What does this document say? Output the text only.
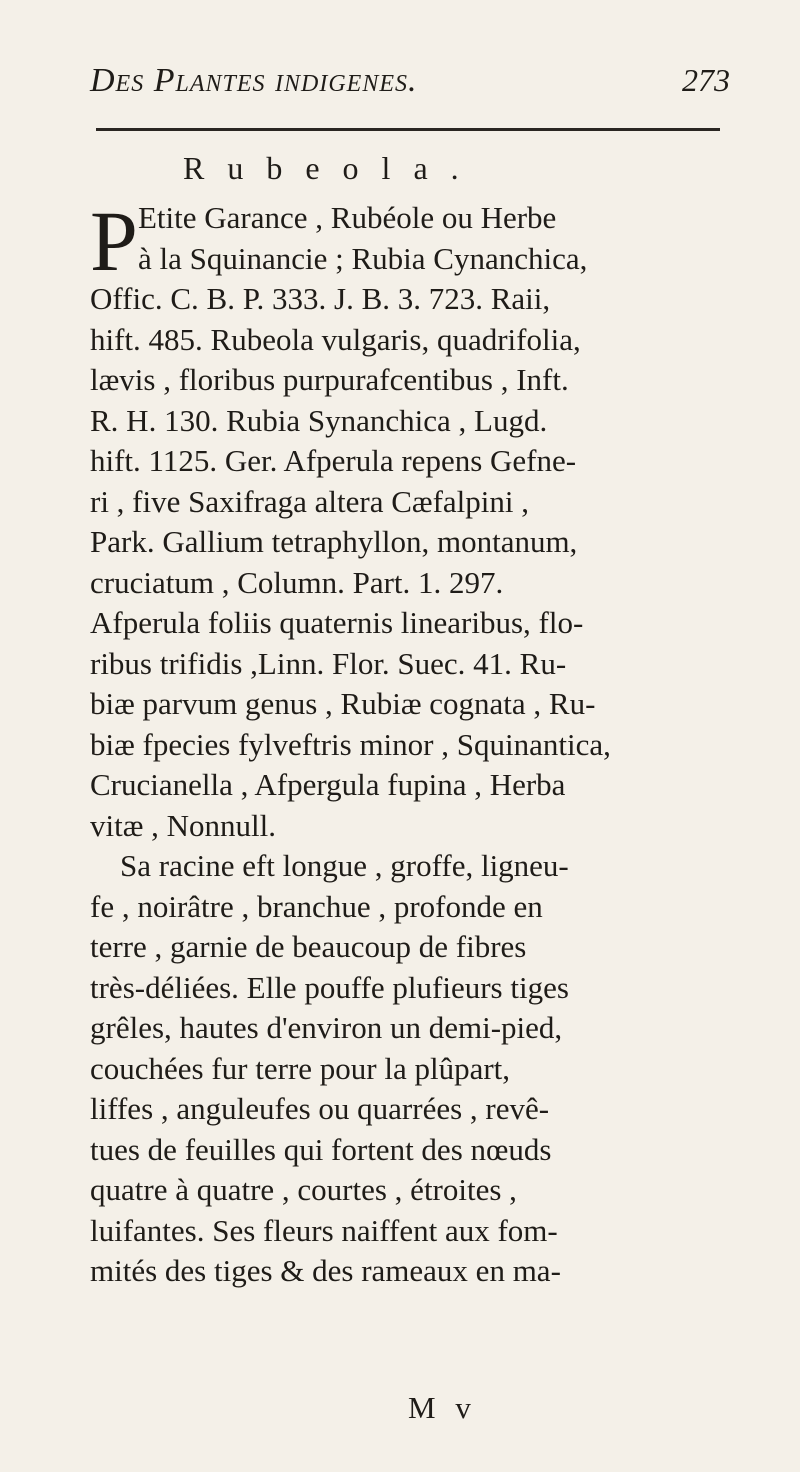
Des Plantes indigenes.	273
Rubeola.
P Etite Garance , Rubéole ou Herbe
à la Squinancie ; Rubia Cynanchica,
Offic. C. B. P. 333. J. B. 3. 723. Raii,
hift. 485. Rubeola vulgaris, quadrifolia,
lævis , floribus purpurafcentibus , Inft.
R. H. 130. Rubia Synanchica , Lugd.
hift. 1125. Ger. Afperula repens Gefne-
ri , five Saxifraga altera Cæfalpini ,
Park. Gallium tetraphyllon, montanum,
cruciatum , Column. Part. 1. 297.
Afperula foliis quaternis linearibus, flo-
ribus trifidis ,Linn. Flor. Suec. 41. Ru-
biæ parvum genus , Rubiæ cognata , Ru-
biæ fpecies fylveftris minor , Squinantica,
Crucianella , Afpergula fupina , Herba
vitæ , Nonnull.
Sa racine eft longue , groffe, ligneu-
fe , noirâtre , branchue , profonde en
terre , garnie de beaucoup de fibres
très-déliées. Elle pouffe plufieurs tiges
grêles, hautes d'environ un demi-pied,
couchées fur terre pour la plûpart,
liffes , anguleufes ou quarrées , revê-
tues de feuilles qui fortent des nœuds
quatre à quatre , courtes , étroites ,
luifantes. Ses fleurs naiffent aux fom-
mités des tiges & des rameaux en ma-
M v
